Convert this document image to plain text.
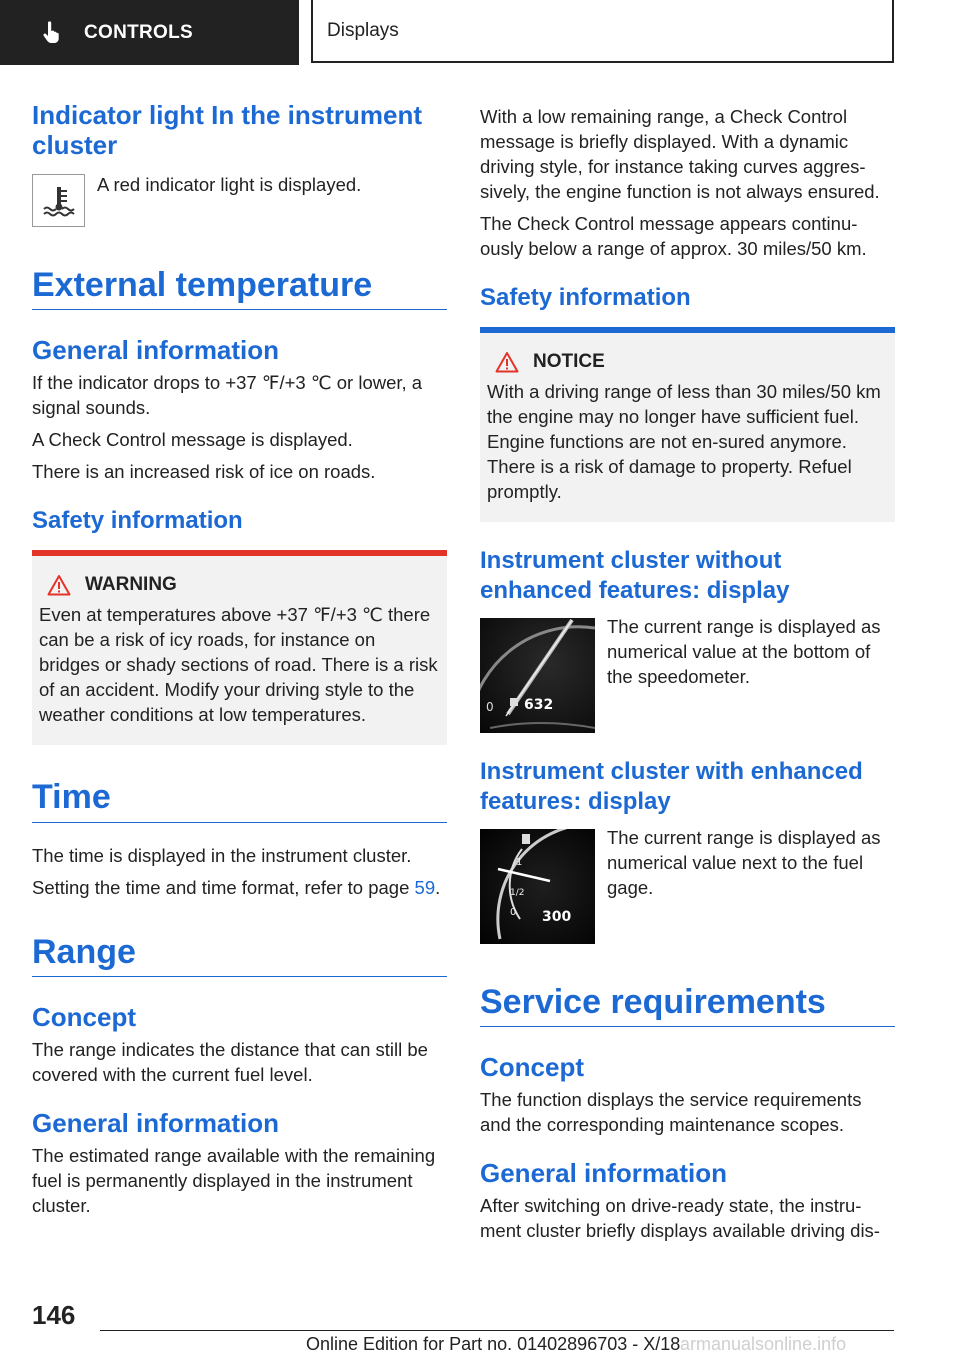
CONTROLS	Displays
Indicator light In the instrument cluster

A red indicator light is displayed.

External temperature
General information

If the indicator drops to +37 ℉/+3 ℃ or lower, a signal sounds.

A Check Control message is displayed.

There is an increased risk of ice on roads.

Safety information
WARNING

Even at temperatures above +37 ℉/+3 ℃ there can be a risk of icy roads, for instance on bridges or shady sections of road. There is a risk of an accident. Modify your driving style to the weather conditions at low temperatures.

Time

The time is displayed in the instrument cluster.

Setting the time and time format, refer to page 59.

Range
Concept

The range indicates the distance that can still be covered with the current fuel level.

General information

The estimated range available with the remaining fuel is permanently displayed in the instrument cluster.

With a low remaining range, a Check Control message is briefly displayed. With a dynamic driving style, for instance taking curves aggres‐sively, the engine function is not always ensured.

The Check Control message appears continu‐ously below a range of approx. 30 miles/50 km.

Safety information
NOTICE

With a driving range of less than 30 miles/50 km the engine may no longer have sufficient fuel. Engine functions are not en‐sured anymore. There is a risk of damage to property. Refuel promptly.

Instrument cluster without enhanced features: display
0 632

The current range is displayed as numerical value at the bottom of the speedometer.

Instrument cluster with enhanced features: display
1
1/2
0 300

The current range is displayed as numerical value next to the fuel gage.

Service requirements
Concept

The function displays the service requirements and the corresponding maintenance scopes.

General information

After switching on drive-ready state, the instru‐ment cluster briefly displays available driving dis‐

146
Online Edition for Part no. 01402896703 - X/18 armanualsonline.info
